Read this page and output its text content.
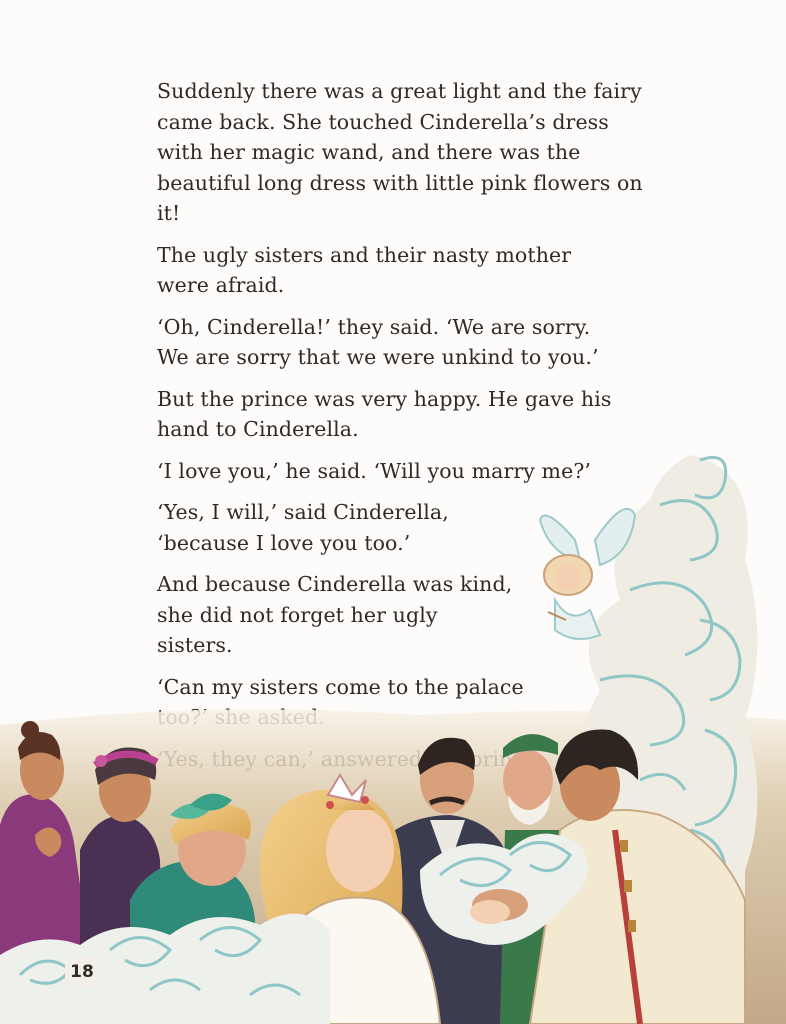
Suddenly there was a great light and the fairy came back. She touched Cinderella’s dress with her magic wand, and there was the beautiful long dress with little pink flowers on it!

The ugly sisters and their nasty mother were afraid.

‘Oh, Cinderella!’ they said. ‘We are sorry. We are sorry that we were unkind to you.’

But the prince was very happy. He gave his hand to Cinderella.

‘I love you,’ he said. ‘Will you marry me?’

‘Yes, I will,’ said Cinderella, ‘because I love you too.’

And because Cinderella was kind, she did not forget her ugly sisters.

‘Can my sisters come to the palace

18
